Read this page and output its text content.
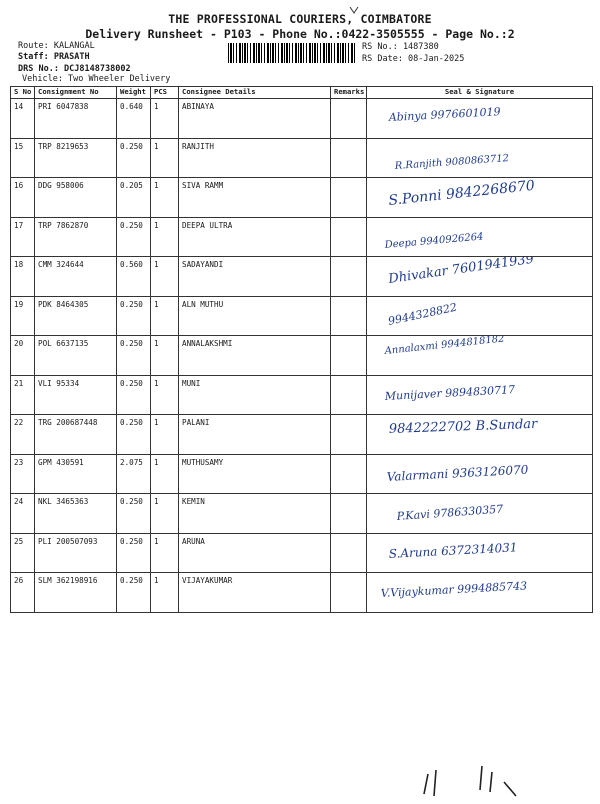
THE PROFESSIONAL COURIERS, COIMBATORE
Delivery Runsheet - P103 - Phone No.:0422-3505555 - Page No.:2
Route: KALANGAL
Staff: PRASATH
DRS No.: DCJ8148738002
Vehicle: Two Wheeler Delivery
RS No.: 1487380
RS Date: 08-Jan-2025
S No	Consignment No	Weight	PCS	Consignee Details	Remarks	Seal & Signature
14	PRI 6047838	0.640	1	ABINAYA		Abinya 9976601019

15	TRP 8219653	0.250	1	RANJITH		R.Ranjith 9080863712

16	DDG 958006	0.205	1	SIVA RAMM		S.Ponni 9842268670

17	TRP 7862870	0.250	1	DEEPA ULTRA		Deepa 9940926264

18	CMM 324644	0.560	1	SADAYANDI		Dhivakar 7601941939

19	PDK 8464305	0.250	1	ALN MUTHU		9944328822

20	POL 6637135	0.250	1	ANNALAKSHMI		Annalaxmi 9944818182

21	VLI 95334	0.250	1	MUNI		Munijaver 9894830717

22	TRG 200687448	0.250	1	PALANI		9842222702 B.Sundar

23	GPM 430591	2.075	1	MUTHUSAMY		Valarmani 9363126070

24	NKL 3465363	0.250	1	KEMIN		P.Kavi 9786330357

25	PLI 200507093	0.250	1	ARUNA		S.Aruna 6372314031

26	SLM 362198916	0.250	1	VIJAYAKUMAR		V.Vijaykumar 9994885743
